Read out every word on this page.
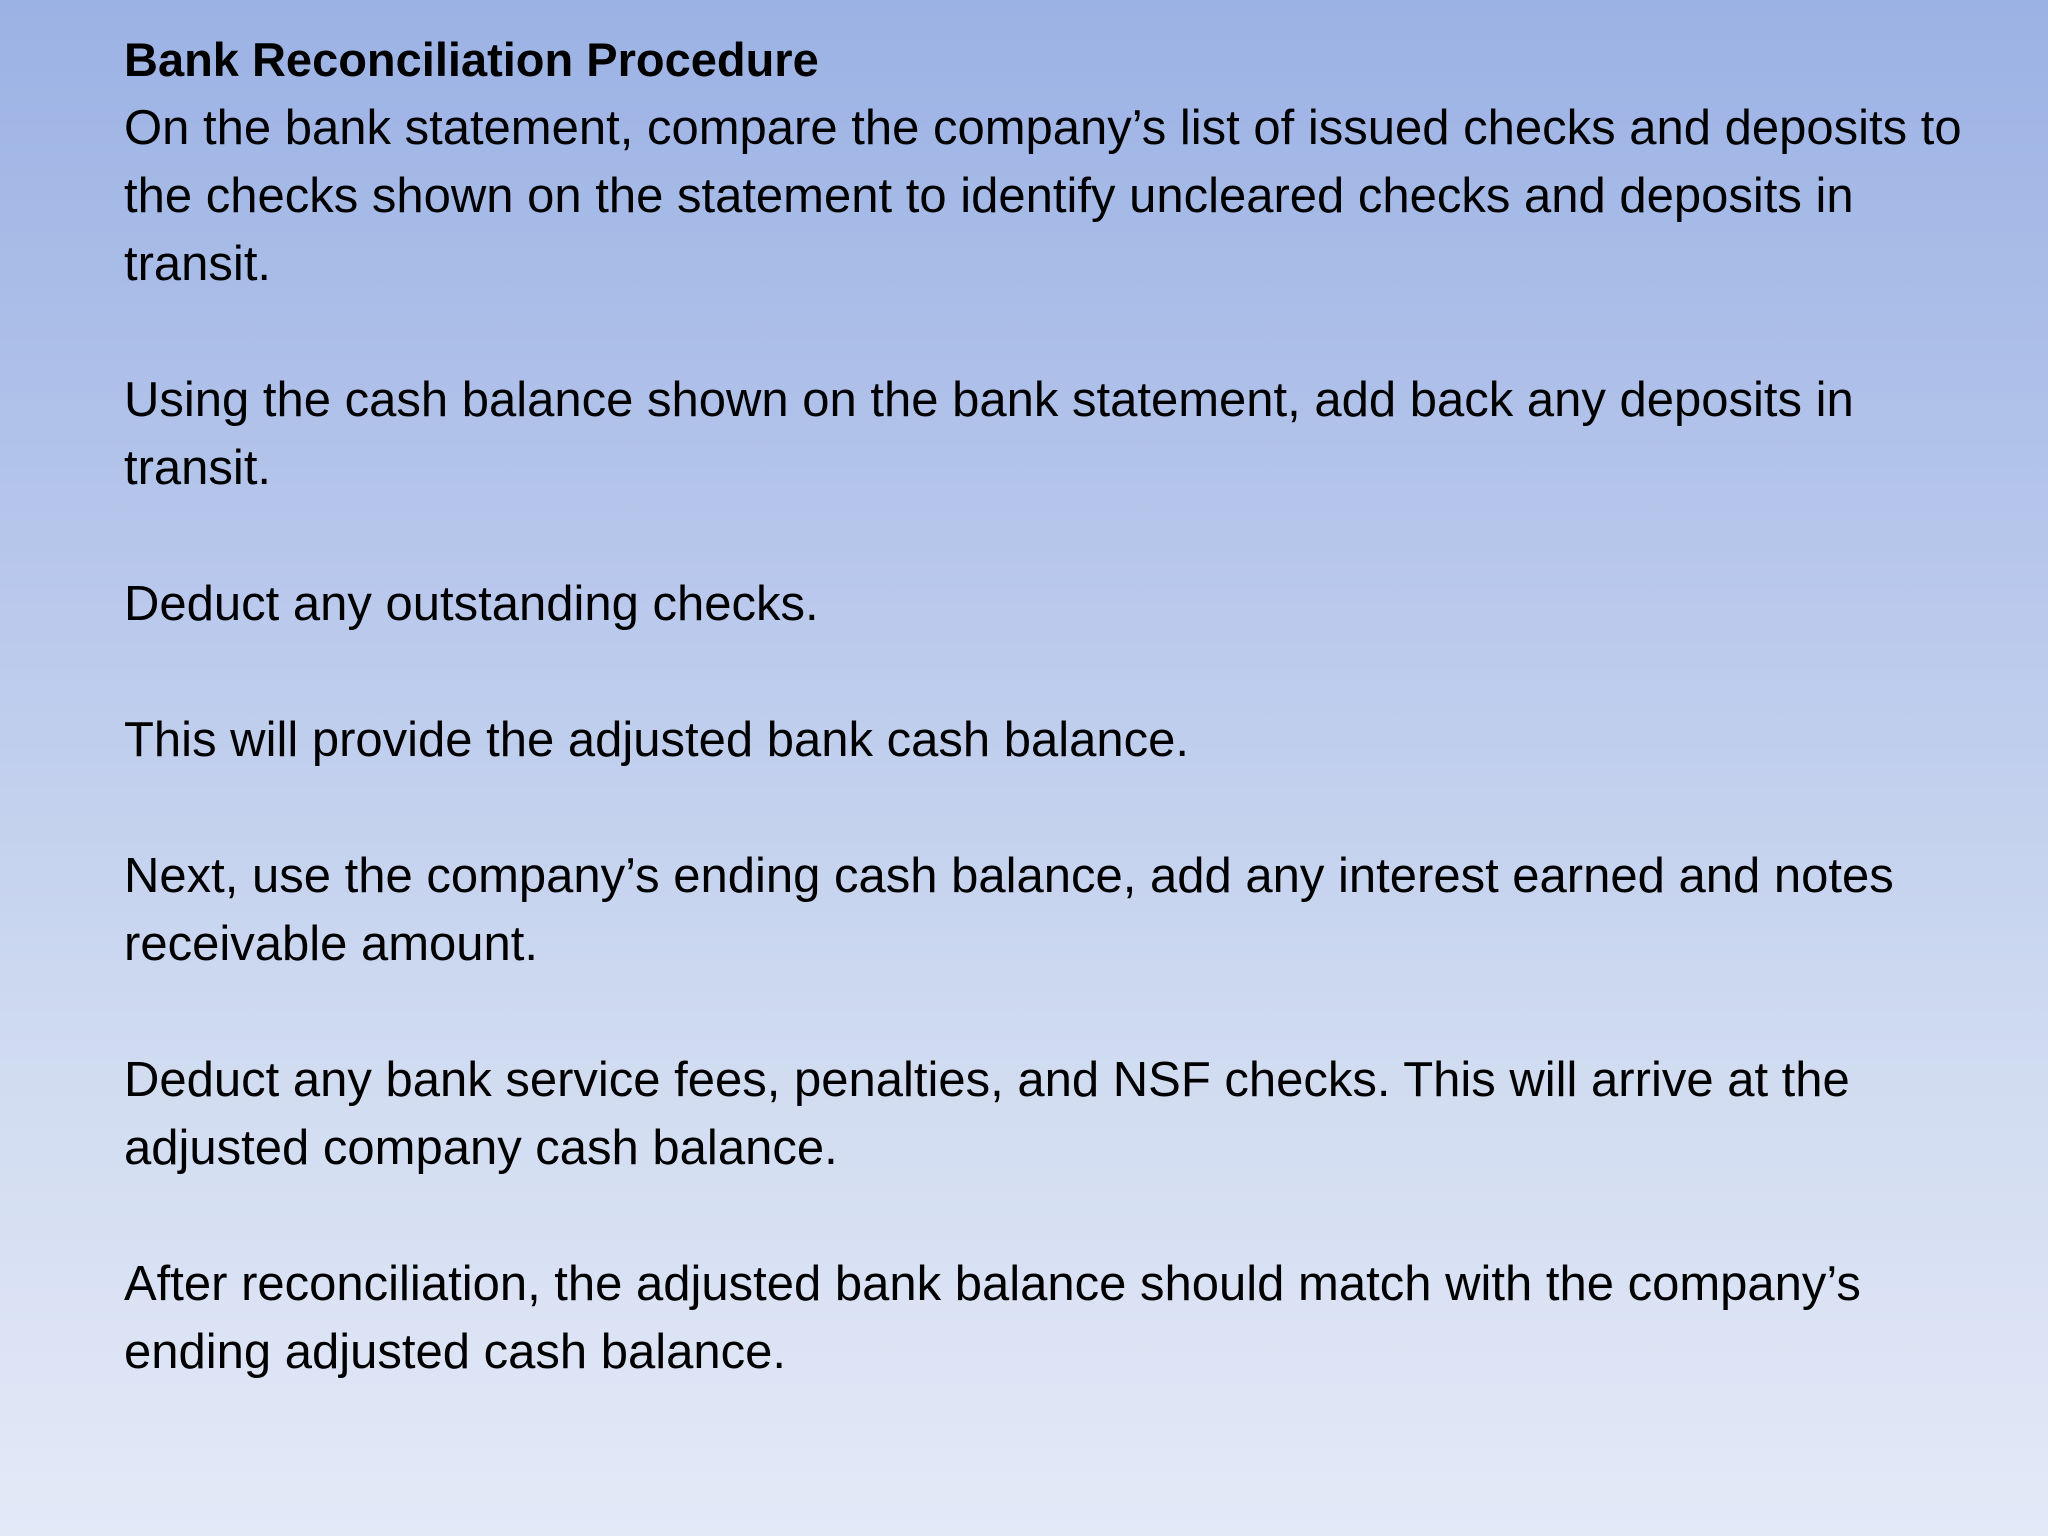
Bank Reconciliation Procedure

On the bank statement, compare the company’s list of issued checks and deposits to the checks shown on the statement to identify uncleared checks and deposits in transit.

Using the cash balance shown on the bank statement, add back any deposits in transit.

Deduct any outstanding checks.

This will provide the adjusted bank cash balance.

Next, use the company’s ending cash balance, add any interest earned and notes receivable amount.

Deduct any bank service fees, penalties, and NSF checks. This will arrive at the adjusted company cash balance.

After reconciliation, the adjusted bank balance should match with the company’s ending adjusted cash balance.
